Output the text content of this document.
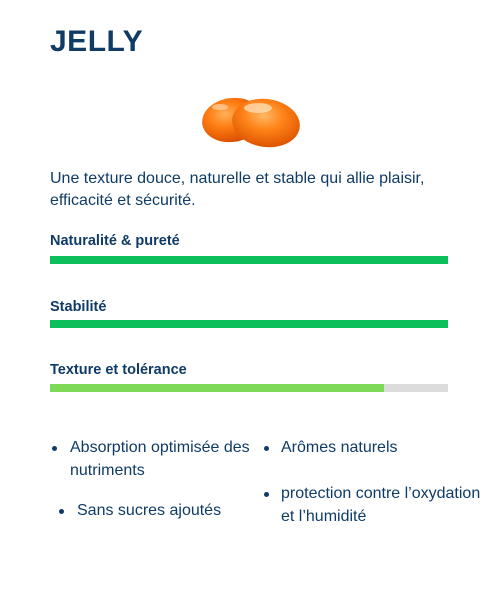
JELLY

Une texture douce, naturelle et stable qui allie plaisir, efficacité et sécurité.

Naturalité & pureté
Stabilité
Texture et tolérance
Absorption optimisée des nutriments
Sans sucres ajoutés
Arômes naturels
protection contre l’oxydation et l’humidité
